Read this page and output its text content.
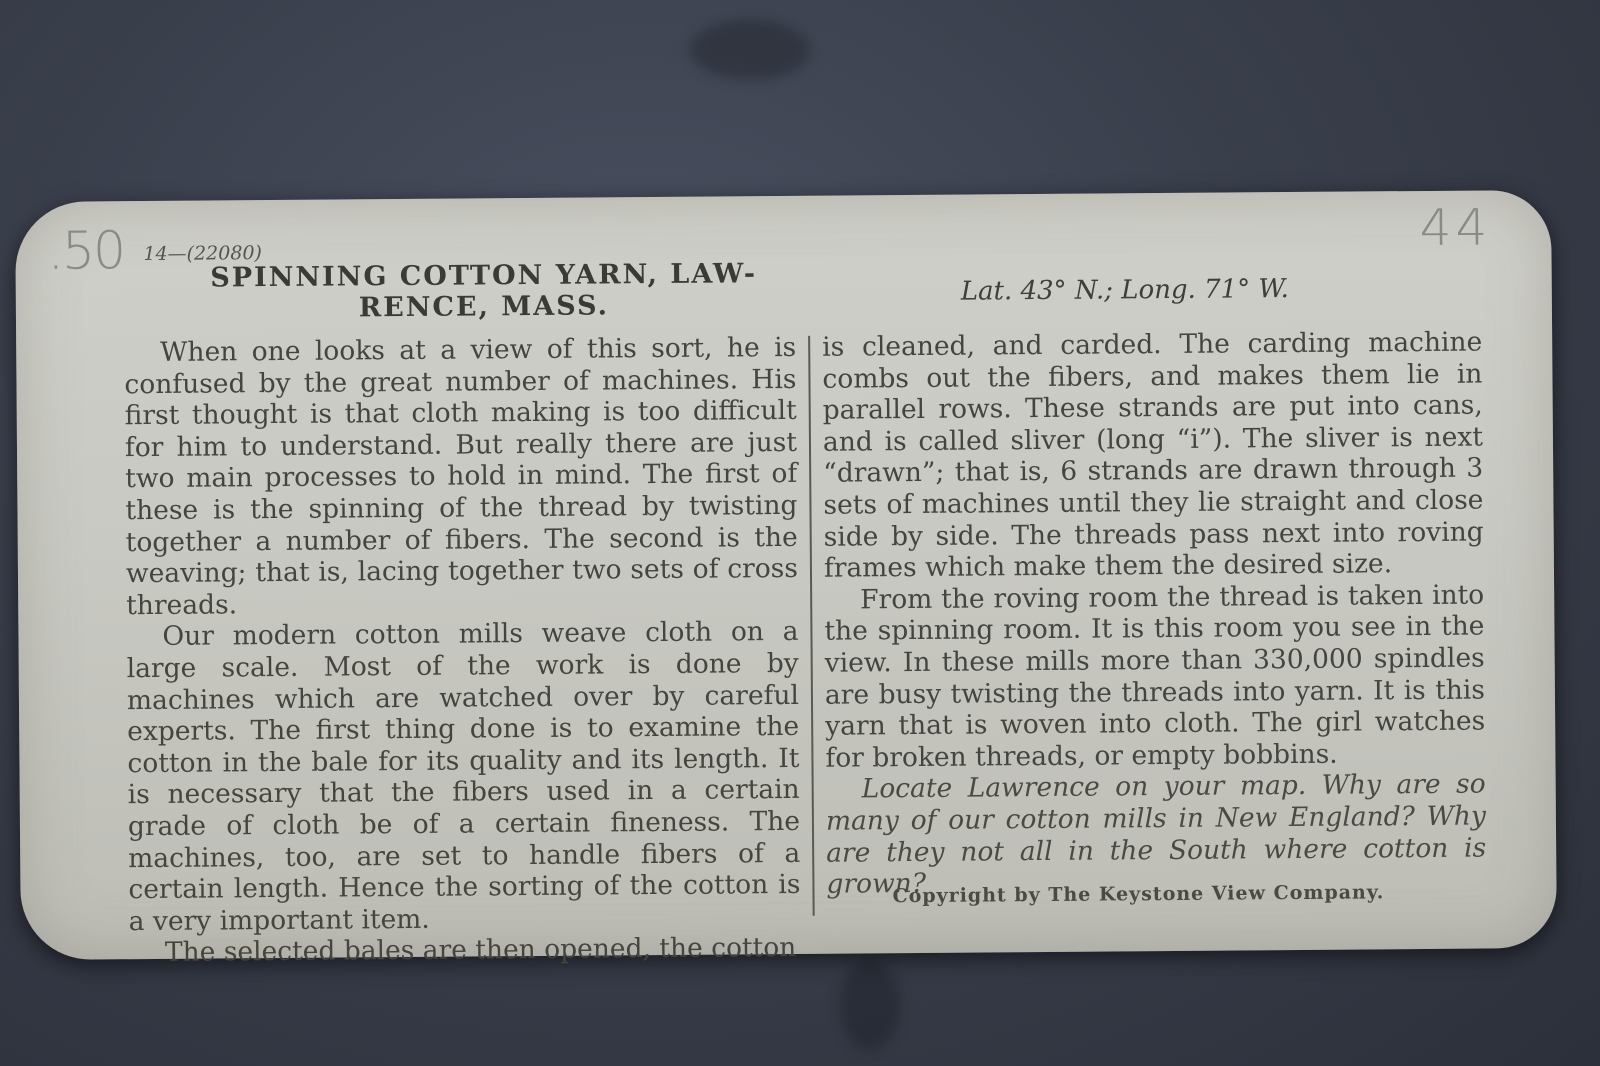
.50	44
14—(22080)
SPINNING COTTON YARN, LAW-
RENCE, MASS.
Lat. 43° N.; Long. 71° W.

When one looks at a view of this sort, he is confused by the great number of machines. His first thought is that cloth making is too difficult for him to understand. But really there are just two main processes to hold in mind. The first of these is the spinning of the thread by twisting together a number of fibers. The second is the weaving; that is, lacing together two sets of cross threads.

Our modern cotton mills weave cloth on a large scale. Most of the work is done by machines which are watched over by careful experts. The first thing done is to examine the cotton in the bale for its quality and its length. It is necessary that the fibers used in a certain grade of cloth be of a certain fineness. The machines, too, are set to handle fibers of a certain length. Hence the sorting of the cotton is a very important item.

The selected bales are then opened, the cotton

is cleaned, and carded. The carding machine combs out the fibers, and makes them lie in parallel rows. These strands are put into cans, and is called sliver (long “i”). The sliver is next “drawn”; that is, 6 strands are drawn through 3 sets of machines until they lie straight and close side by side. The threads pass next into roving frames which make them the desired size.

From the roving room the thread is taken into the spinning room. It is this room you see in the view. In these mills more than 330,000 spindles are busy twisting the threads into yarn. It is this yarn that is woven into cloth. The girl watches for broken threads, or empty bobbins.

Locate Lawrence on your map. Why are so many of our cotton mills in New England? Why are they not all in the South where cotton is grown?

Copyright by The Keystone View Company.
